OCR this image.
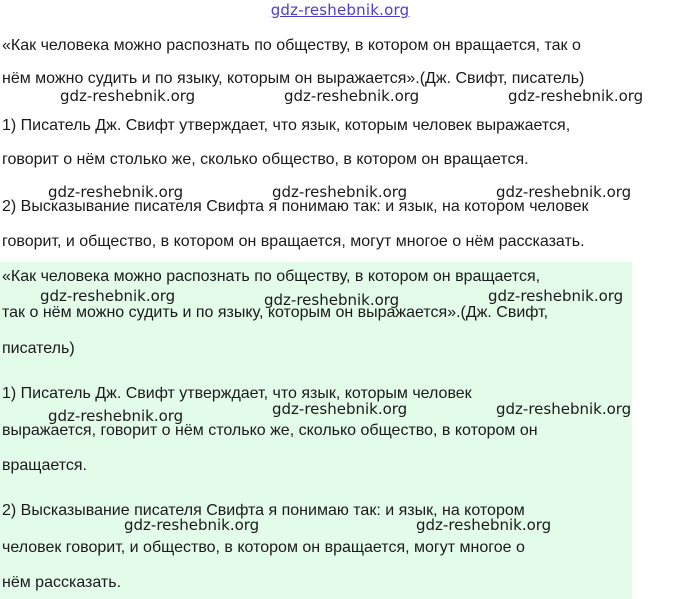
gdz-reshebnik.org
«Как человека можно распознать по обществу, в котором он вращается, так о
нём можно судить и по языку, которым он выражается».(Дж. Свифт, писатель)
1) Писатель Дж. Свифт утверждает, что язык, которым человек выражается,
говорит о нём столько же, сколько общество, в котором он вращается.
2) Высказывание писателя Свифта я понимаю так: и язык, на котором человек
говорит, и общество, в котором он вращается, могут многое о нём рассказать.
«Как человека можно распознать по обществу, в котором он вращается,
так о нём можно судить и по языку, которым он выражается».(Дж. Свифт,
писатель)
1) Писатель Дж. Свифт утверждает, что язык, которым человек
выражается, говорит о нём столько же, сколько общество, в котором он
вращается.
2) Высказывание писателя Свифта я понимаю так: и язык, на котором
человек говорит, и общество, в котором он вращается, могут многое о
нём рассказать.
gdz-reshebnik.org	gdz-reshebnik.org	gdz-reshebnik.org
gdz-reshebnik.org	gdz-reshebnik.org	gdz-reshebnik.org
gdz-reshebnik.org	gdz-reshebnik.org	gdz-reshebnik.org
gdz-reshebnik.org	gdz-reshebnik.org	gdz-reshebnik.org
gdz-reshebnik.org	gdz-reshebnik.org
